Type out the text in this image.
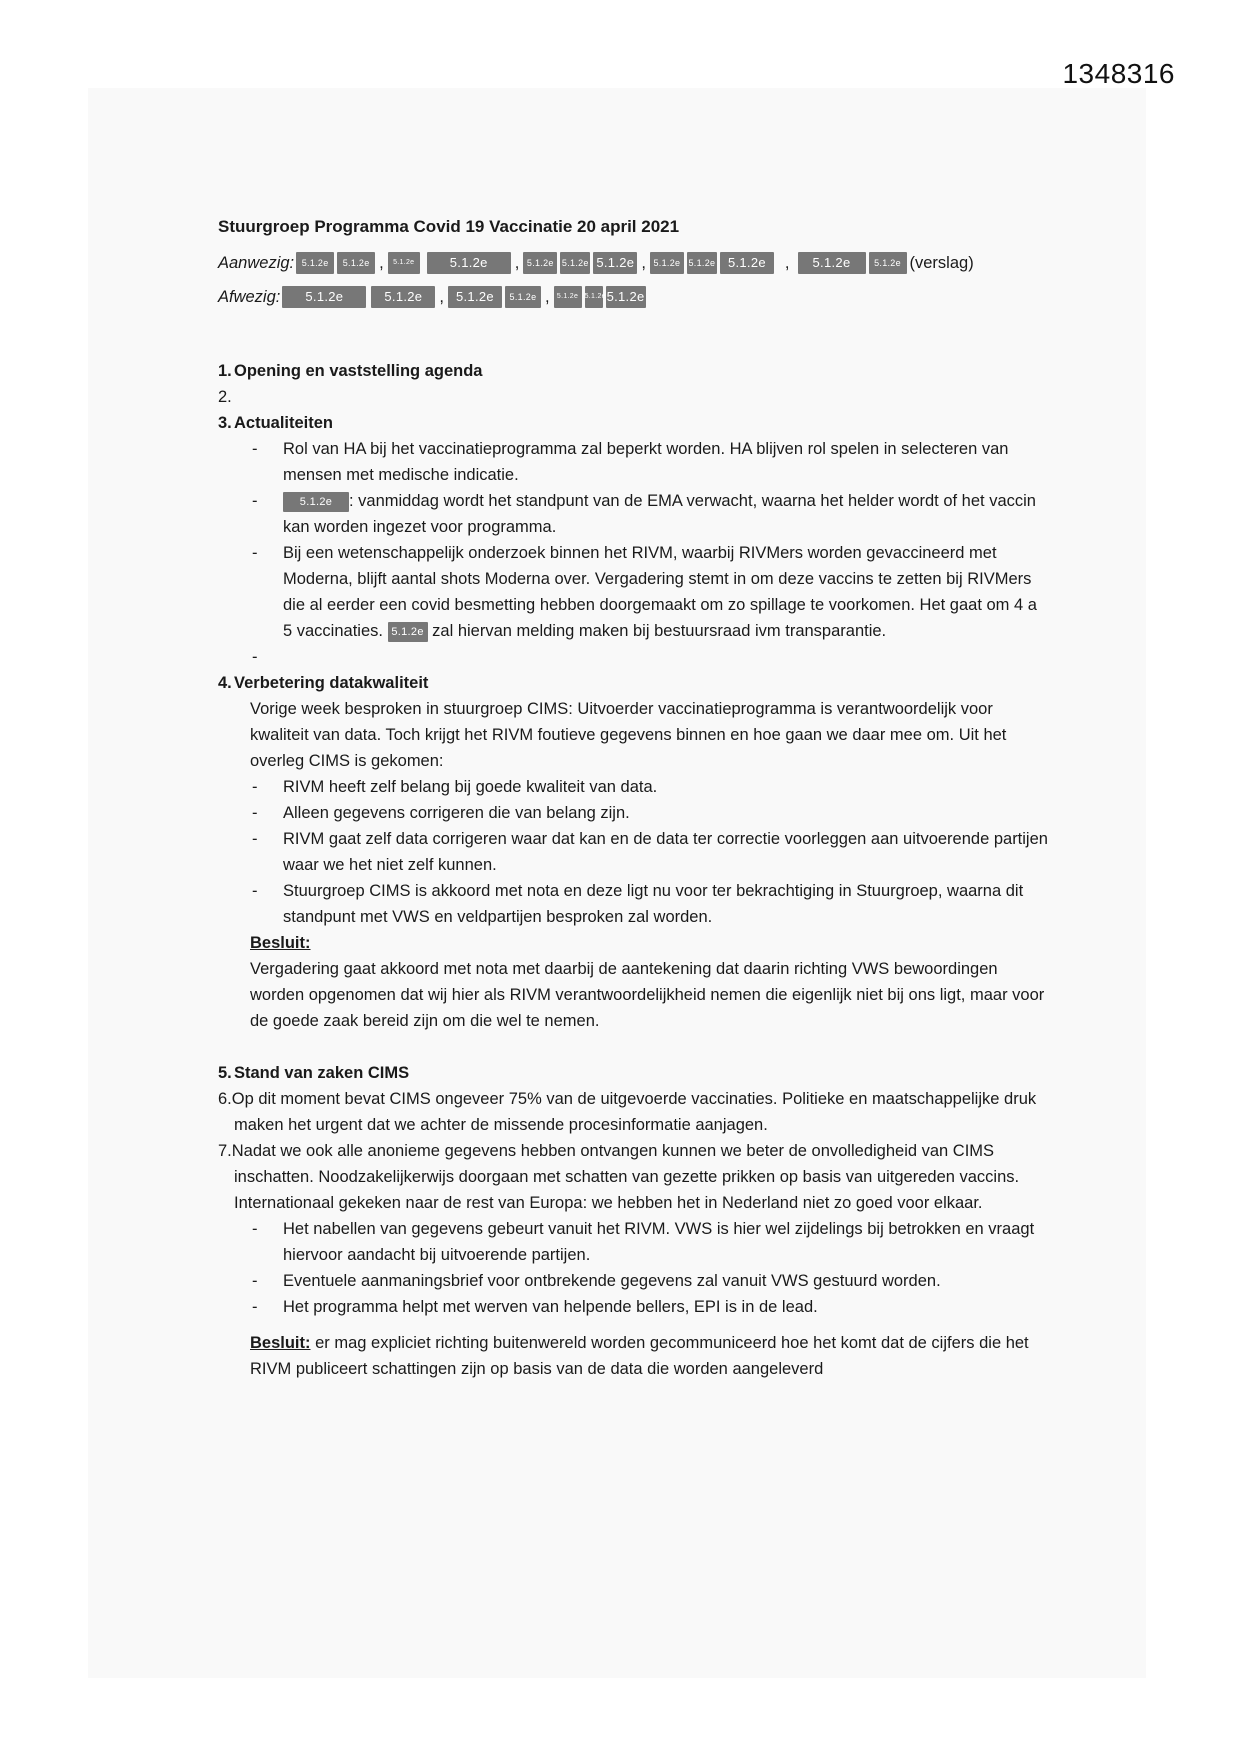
1348316
Stuurgroep Programma Covid 19 Vaccinatie 20 april 2021
Aanwezig: 5.1.2e	5.1.2e ,	5.1.2e	5.1.2e	, 5.1.2e 5.1.2e 5.1.2e , 5.1.2e 5.1.2e 5.1.2e	,	5.1.2e	5.1.2e (verslag)
Afwezig:	5.1.2e	5.1.2e	, 5.1.2e	5.1.2e ,	5.1.2e 5.1.2e 5.1.2e
1. Opening en vaststelling agenda
2.
3. Actualiteiten
- Rol van HA bij het vaccinatieprogramma zal beperkt worden. HA blijven rol spelen in selecteren van mensen met medische indicatie.
- 5.1.2e : vanmiddag wordt het standpunt van de EMA verwacht, waarna het helder wordt of het vaccin kan worden ingezet voor programma.
- Bij een wetenschappelijk onderzoek binnen het RIVM, waarbij RIVMers worden gevaccineerd met Moderna, blijft aantal shots Moderna over. Vergadering stemt in om deze vaccins te zetten bij RIVMers die al eerder een covid besmetting hebben doorgemaakt om zo spillage te voorkomen. Het gaat om 4 a 5 vaccinaties. 5.1.2e zal hiervan melding maken bij bestuursraad ivm transparantie.
-
4. Verbetering datakwaliteit
Vorige week besproken in stuurgroep CIMS: Uitvoerder vaccinatieprogramma is verantwoordelijk voor kwaliteit van data. Toch krijgt het RIVM foutieve gegevens binnen en hoe gaan we daar mee om. Uit het overleg CIMS is gekomen:
- RIVM heeft zelf belang bij goede kwaliteit van data.
- Alleen gegevens corrigeren die van belang zijn.
- RIVM gaat zelf data corrigeren waar dat kan en de data ter correctie voorleggen aan uitvoerende partijen waar we het niet zelf kunnen.
- Stuurgroep CIMS is akkoord met nota en deze ligt nu voor ter bekrachtiging in Stuurgroep, waarna dit standpunt met VWS en veldpartijen besproken zal worden.
Besluit:
Vergadering gaat akkoord met nota met daarbij de aantekening dat daarin richting VWS bewoordingen worden opgenomen dat wij hier als RIVM verantwoordelijkheid nemen die eigenlijk niet bij ons ligt, maar voor de goede zaak bereid zijn om die wel te nemen.
5. Stand van zaken CIMS
6.Op dit moment bevat CIMS ongeveer 75% van de uitgevoerde vaccinaties. Politieke en maatschappelijke druk maken het urgent dat we achter de missende procesinformatie aanjagen.
7.Nadat we ook alle anonieme gegevens hebben ontvangen kunnen we beter de onvolledigheid van CIMS inschatten. Noodzakelijkerwijs doorgaan met schatten van gezette prikken op basis van uitgereden vaccins. Internationaal gekeken naar de rest van Europa: we hebben het in Nederland niet zo goed voor elkaar.
- Het nabellen van gegevens gebeurt vanuit het RIVM. VWS is hier wel zijdelings bij betrokken en vraagt hiervoor aandacht bij uitvoerende partijen.
- Eventuele aanmaningsbrief voor ontbrekende gegevens zal vanuit VWS gestuurd worden.
- Het programma helpt met werven van helpende bellers, EPI is in de lead.
Besluit: er mag expliciet richting buitenwereld worden gecommuniceerd hoe het komt dat de cijfers die het RIVM publiceert schattingen zijn op basis van de data die worden aangeleverd
